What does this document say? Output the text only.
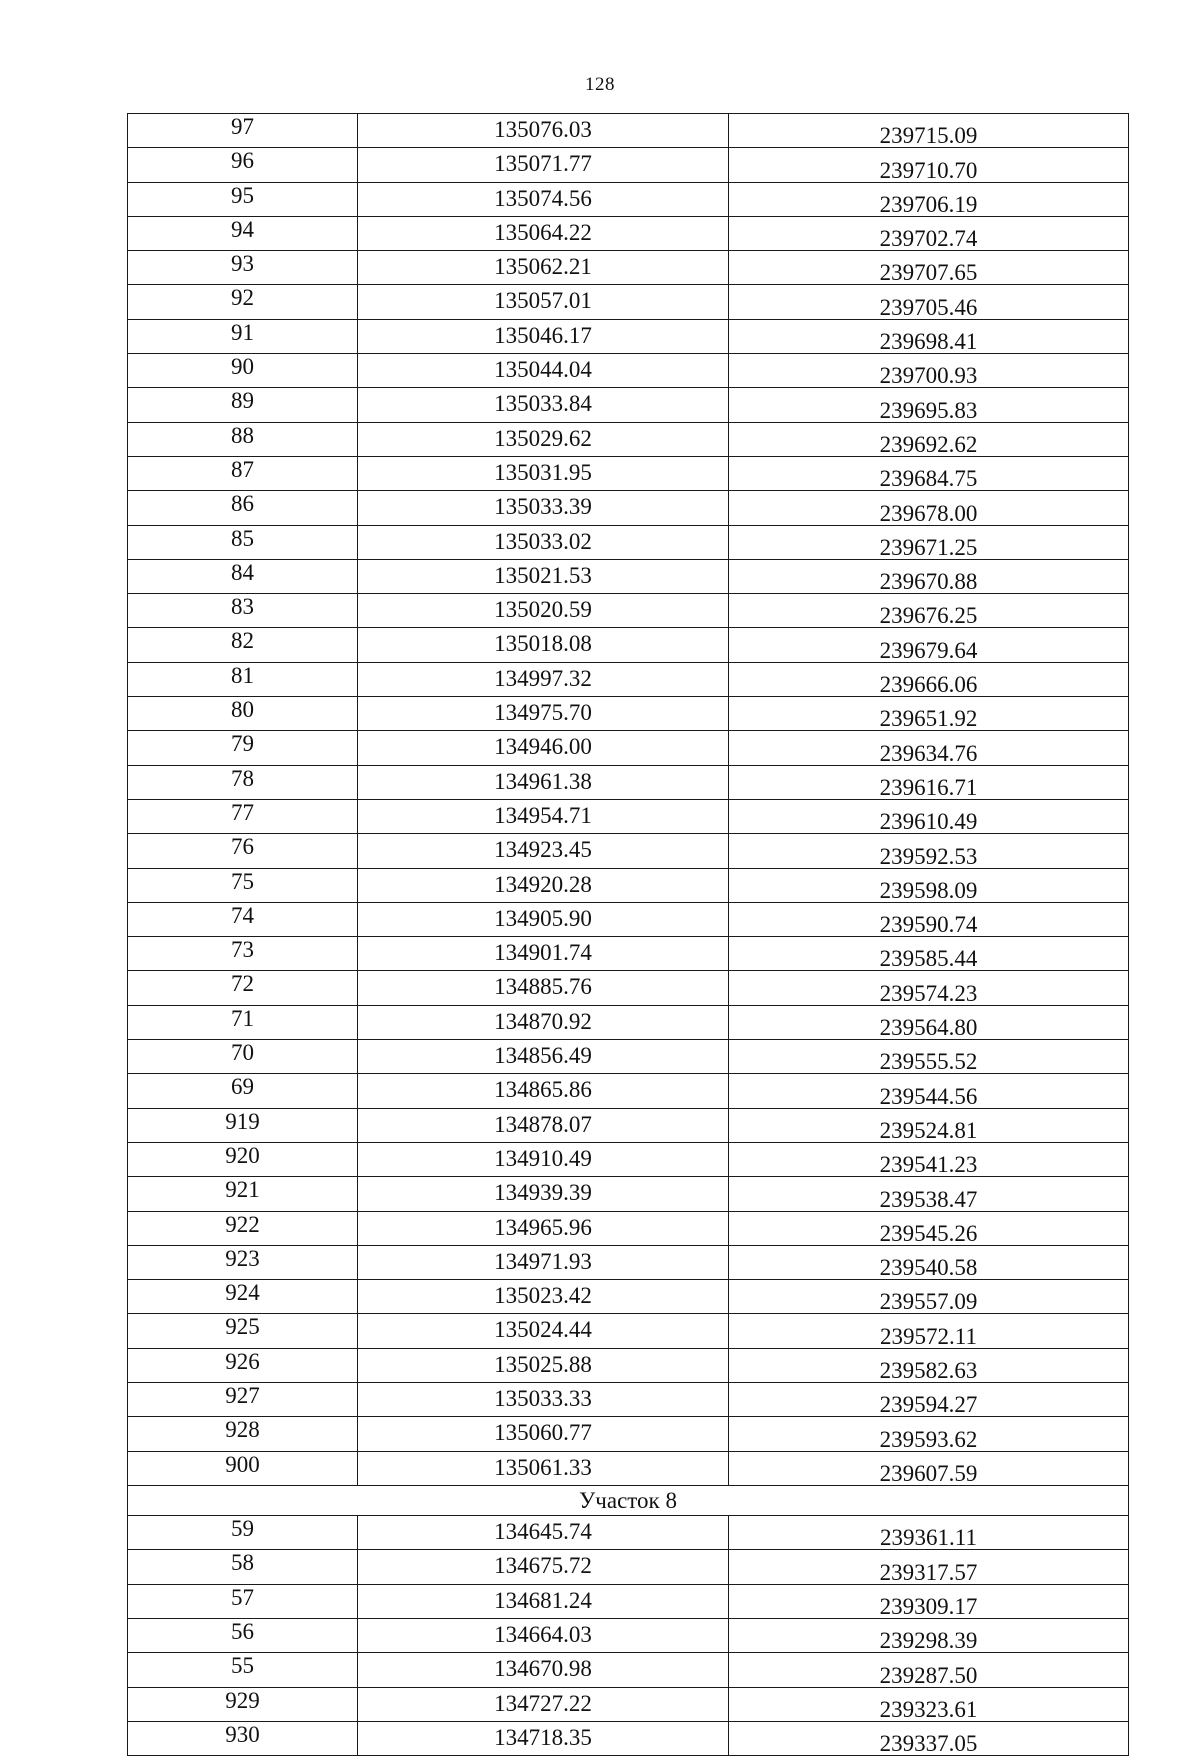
128
97	135076.03	239715.09
96	135071.77	239710.70
95	135074.56	239706.19
94	135064.22	239702.74
93	135062.21	239707.65
92	135057.01	239705.46
91	135046.17	239698.41
90	135044.04	239700.93
89	135033.84	239695.83
88	135029.62	239692.62
87	135031.95	239684.75
86	135033.39	239678.00
85	135033.02	239671.25
84	135021.53	239670.88
83	135020.59	239676.25
82	135018.08	239679.64
81	134997.32	239666.06
80	134975.70	239651.92
79	134946.00	239634.76
78	134961.38	239616.71
77	134954.71	239610.49
76	134923.45	239592.53
75	134920.28	239598.09
74	134905.90	239590.74
73	134901.74	239585.44
72	134885.76	239574.23
71	134870.92	239564.80
70	134856.49	239555.52
69	134865.86	239544.56
919	134878.07	239524.81
920	134910.49	239541.23
921	134939.39	239538.47
922	134965.96	239545.26
923	134971.93	239540.58
924	135023.42	239557.09
925	135024.44	239572.11
926	135025.88	239582.63
927	135033.33	239594.27
928	135060.77	239593.62
900	135061.33	239607.59
Участок 8		
59	134645.74	239361.11
58	134675.72	239317.57
57	134681.24	239309.17
56	134664.03	239298.39
55	134670.98	239287.50
929	134727.22	239323.61
930	134718.35	239337.05
